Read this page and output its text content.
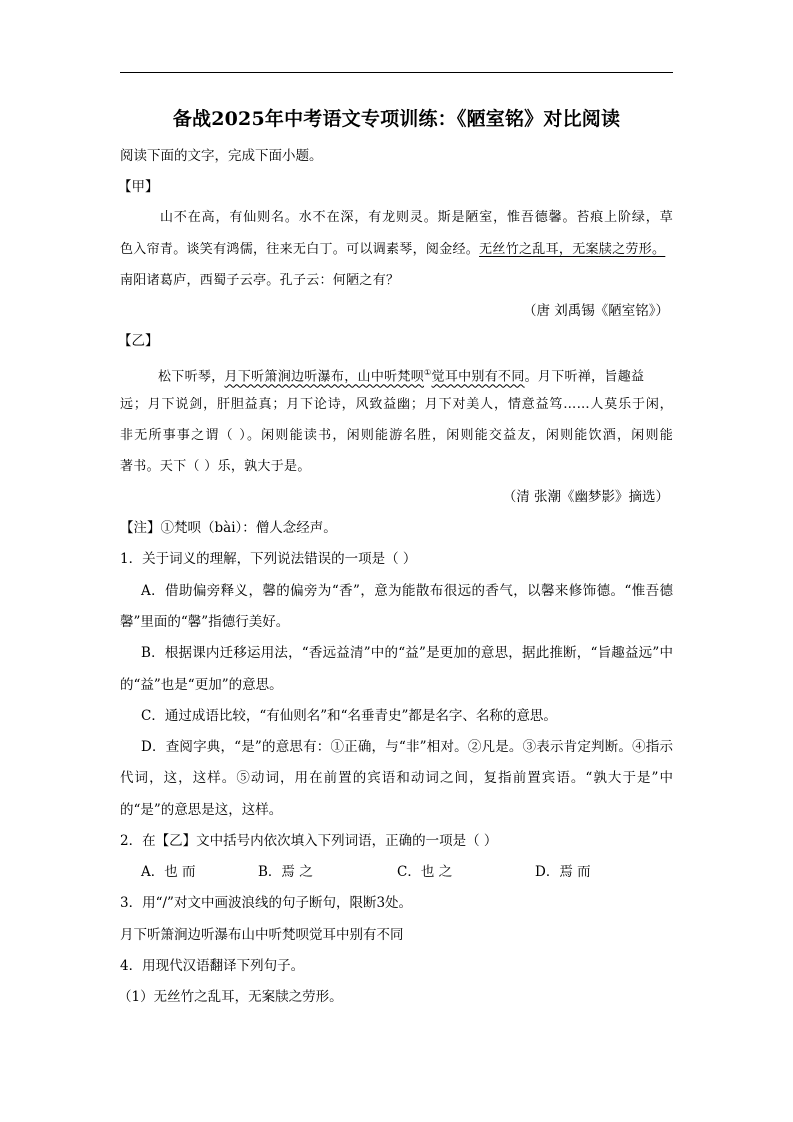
备战2025年中考语文专项训练：《陋室铭》对比阅读
阅读下面的文字，完成下面小题。
【甲】
山不在高，有仙则名。水不在深，有龙则灵。斯是陋室，惟吾德馨。苔痕上阶绿，草
色入帘青。谈笑有鸿儒，往来无白丁。可以调素琴，阅金经。无丝竹之乱耳，无案牍之劳形。
南阳诸葛庐，西蜀子云亭。孔子云：何陋之有？
（唐 刘禹锡《陋室铭》）
【乙】
松下听琴，月下听箫涧边听瀑布，山中听梵呗①觉耳中别有不同。月下听禅，旨趣益
远；月下说剑，肝胆益真；月下论诗，风致益幽；月下对美人，情意益笃……人莫乐于闲，
非无所事事之谓（ ）。闲则能读书，闲则能游名胜，闲则能交益友，闲则能饮酒，闲则能
著书。天下（ ）乐，孰大于是。
（清 张潮《幽梦影》摘选）
【注】①梵呗（bài）：僧人念经声。
1．关于词义的理解，下列说法错误的一项是（ ）
A．借助偏旁释义，馨的偏旁为“香”，意为能散布很远的香气，以馨来修饰德。“惟吾德
馨”里面的“馨”指德行美好。
B．根据课内迁移运用法，“香远益清”中的“益”是更加的意思，据此推断，“旨趣益远”中
的“益”也是“更加”的意思。
C．通过成语比较，“有仙则名”和“名垂青史”都是名字、名称的意思。
D．查阅字典，“是”的意思有：①正确，与“非”相对。②凡是。③表示肯定判断。④指示
代词，这，这样。⑤动词，用在前置的宾语和动词之间，复指前置宾语。“孰大于是”中
的“是”的意思是这，这样。
2．在【乙】文中括号内依次填入下列词语，正确的一项是（ ）
A．也 而	B．焉 之	C．也 之	D．焉 而
3．用“/”对文中画波浪线的句子断句，限断3处。
月下听箫涧边听瀑布山中听梵呗觉耳中别有不同
4．用现代汉语翻译下列句子。
（1）无丝竹之乱耳，无案牍之劳形。
